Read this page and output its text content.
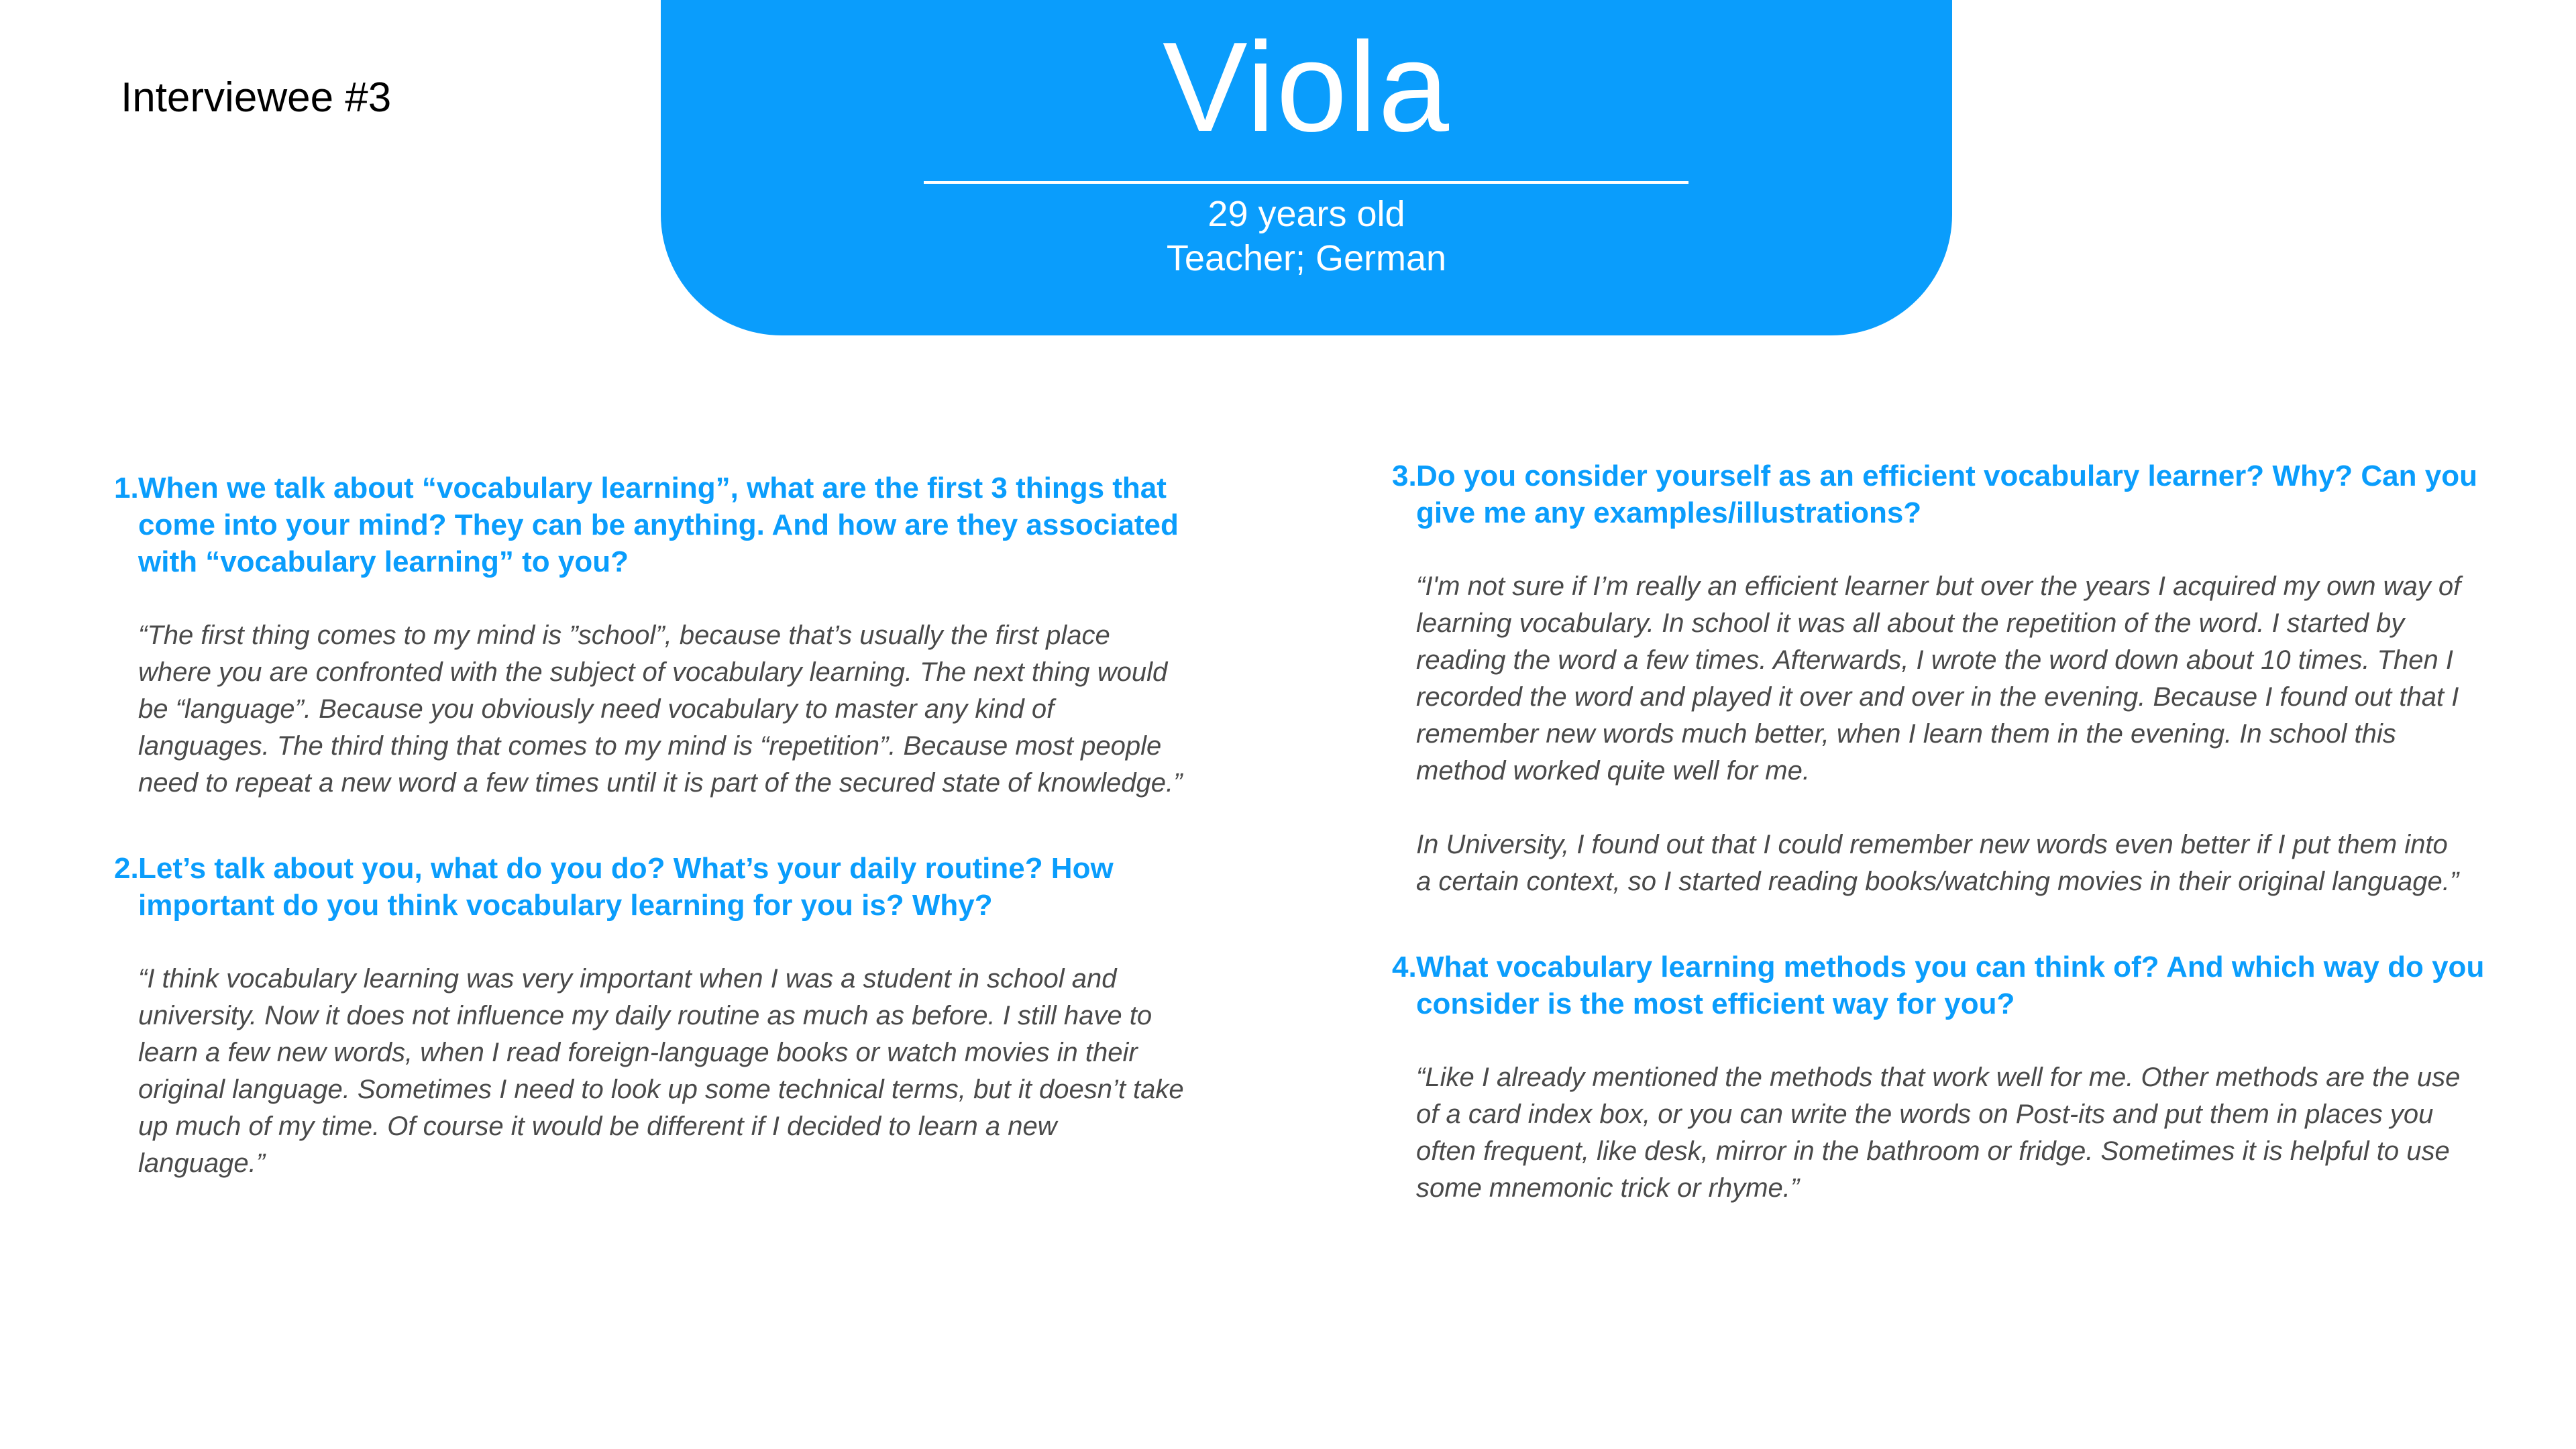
Interviewee #3	Viola
29 years old
Teacher; German
1. When we talk about “vocabulary learning”, what are the first 3 things that come into your mind? They can be anything. And how are they associated with “vocabulary learning” to you?

“The first thing comes to my mind is ”school”, because that’s usually the first place where you are confronted with the subject of vocabulary learning. The next thing would be “language”. Because you obviously need vocabulary to master any kind of languages. The third thing that comes to my mind is “repetition”. Because most people need to repeat a new word a few times until it is part of the secured state of knowledge.”

2. Let’s talk about you, what do you do? What’s your daily routine? How important do you think vocabulary learning for you is? Why?

“I think vocabulary learning was very important when I was a student in school and university. Now it does not influence my daily routine as much as before. I still have to learn a few new words, when I read foreign-language books or watch movies in their original language. Sometimes I need to look up some technical terms, but it doesn’t take up much of my time. Of course it would be different if I decided to learn a new language.”

3. Do you consider yourself as an efficient vocabulary learner? Why? Can you give me any examples/illustrations?

“I'm not sure if I’m really an efficient learner but over the years I acquired my own way of learning vocabulary. In school it was all about the repetition of the word. I started by reading the word a few times. Afterwards, I wrote the word down about 10 times. Then I recorded the word and played it over and over in the evening. Because I found out that I remember new words much better, when I learn them in the evening. In school this method worked quite well for me.

In University, I found out that I could remember new words even better if I put them into a certain context, so I started reading books/watching movies in their original language.”

4. What vocabulary learning methods you can think of? And which way do you consider is the most efficient way for you?

“Like I already mentioned the methods that work well for me. Other methods are the use of a card index box, or you can write the words on Post-its and put them in places you often frequent, like desk, mirror in the bathroom or fridge. Sometimes it is helpful to use some mnemonic trick or rhyme.”
